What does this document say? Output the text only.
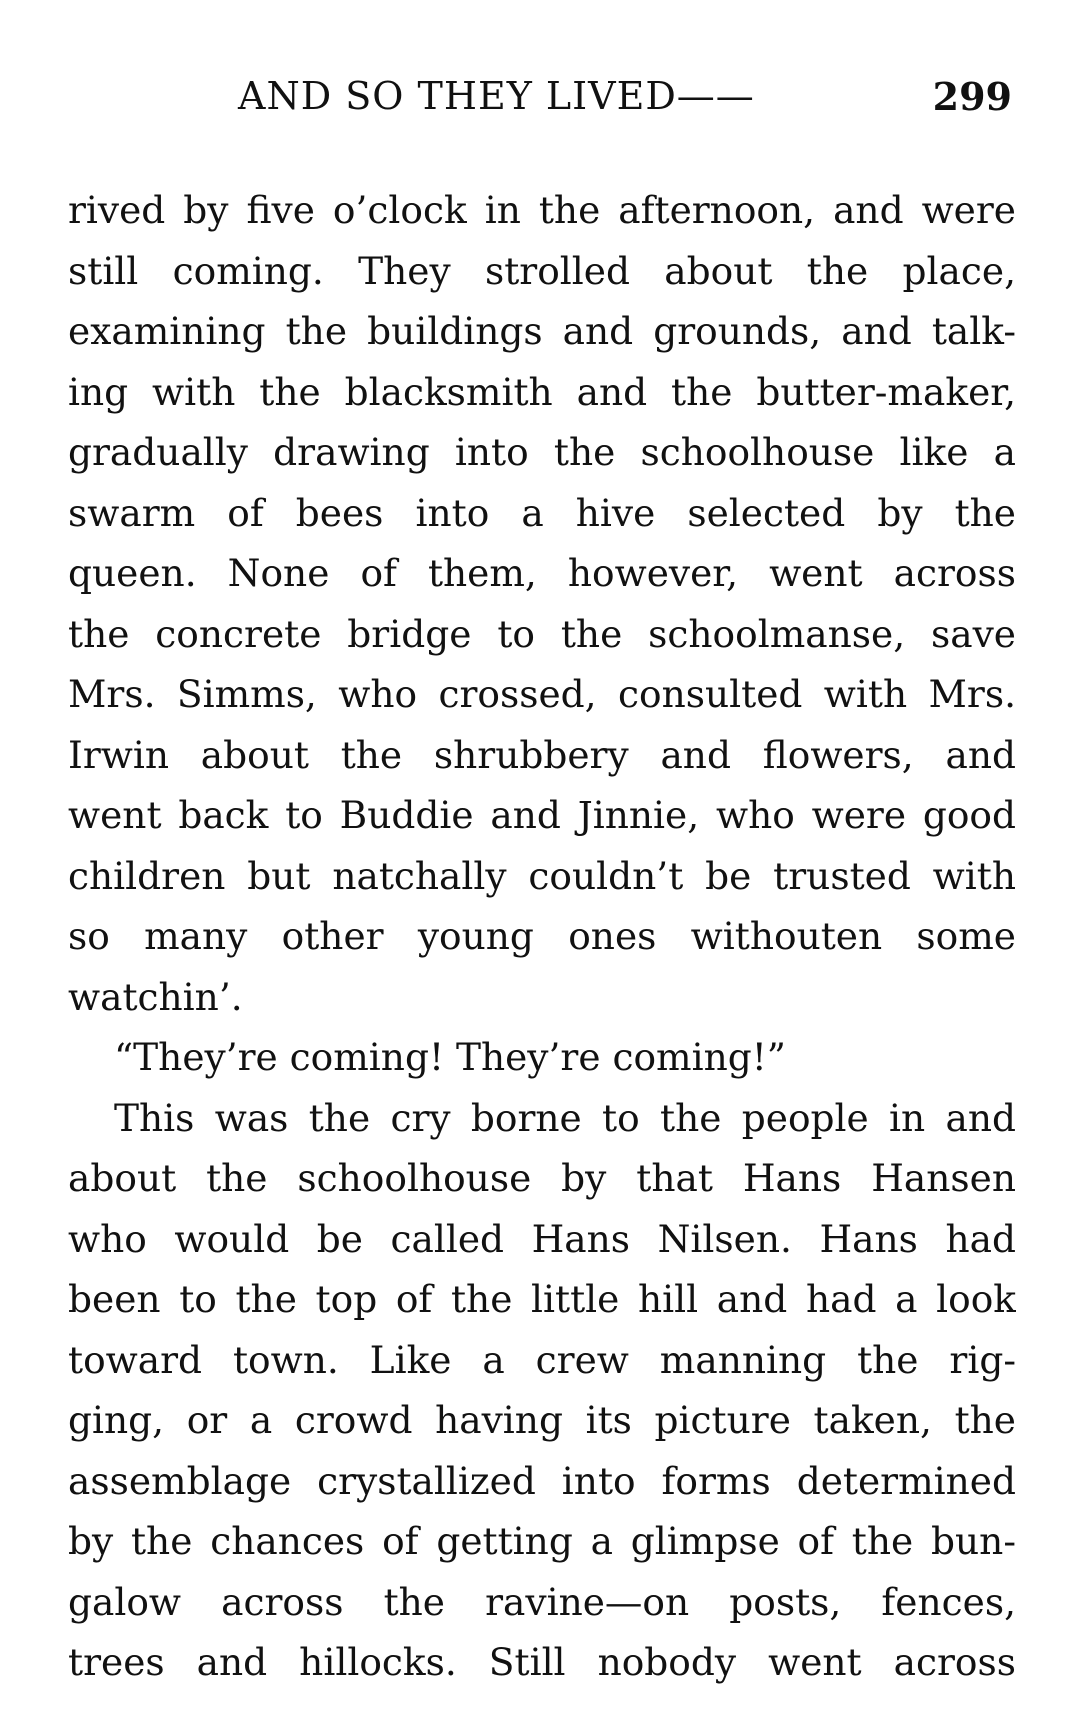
AND SO THEY LIVED——	299
rived by five o’clock in the afternoon, and were
still coming. They strolled about the place,
examining the buildings and grounds, and talk-
ing with the blacksmith and the butter-maker,
gradually drawing into the schoolhouse like a
swarm of bees into a hive selected by the
queen. None of them, however, went across
the concrete bridge to the schoolmanse, save
Mrs. Simms, who crossed, consulted with Mrs.
Irwin about the shrubbery and flowers, and
went back to Buddie and Jinnie, who were good
children but natchally couldn’t be trusted with
so many other young ones withouten some
watchin’.
“They’re coming! They’re coming!”
This was the cry borne to the people in and
about the schoolhouse by that Hans Hansen
who would be called Hans Nilsen. Hans had
been to the top of the little hill and had a look
toward town. Like a crew manning the rig-
ging, or a crowd having its picture taken, the
assemblage crystallized into forms determined
by the chances of getting a glimpse of the bun-
galow across the ravine—on posts, fences,
trees and hillocks. Still nobody went across
